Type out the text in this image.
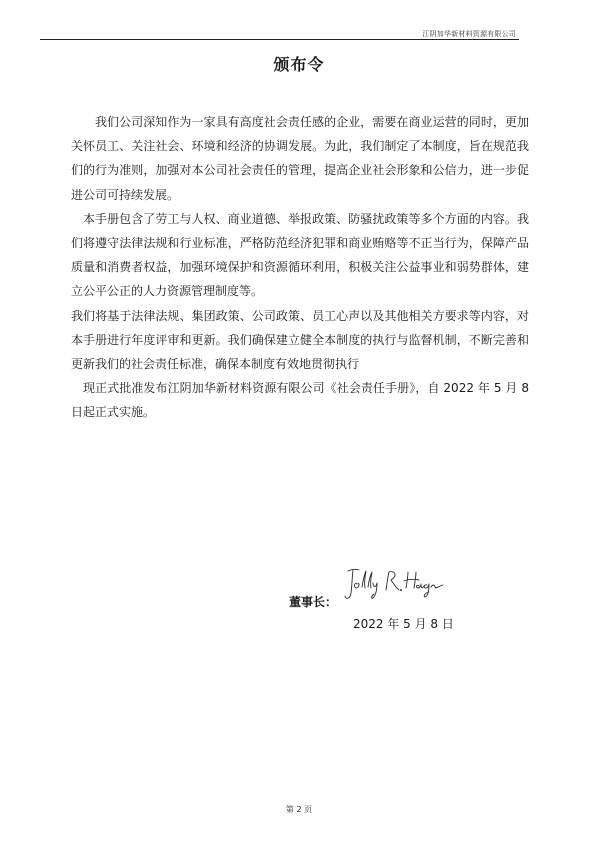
江阴加华新材料资源有限公司
颁布令

我们公司深知作为一家具有高度社会责任感的企业，需要在商业运营的同时，更加关怀员工、关注社会、环境和经济的协调发展。为此，我们制定了本制度，旨在规范我们的行为准则，加强对本公司社会责任的管理，提高企业社会形象和公信力，进一步促进公司可持续发展。

本手册包含了劳工与人权、商业道德、举报政策、防骚扰政策等多个方面的内容。我们将遵守法律法规和行业标准，严格防范经济犯罪和商业贿赂等不正当行为，保障产品质量和消费者权益，加强环境保护和资源循环利用，积极关注公益事业和弱势群体，建立公平公正的人力资源管理制度等。

我们将基于法律法规、集团政策、公司政策、员工心声以及其他相关方要求等内容，对本手册进行年度评审和更新。我们确保建立健全本制度的执行与监督机制，不断完善和更新我们的社会责任标准，确保本制度有效地贯彻执行

现正式批准发布江阴加华新材料资源有限公司《社会责任手册》，自 2022 年 5 月 8 日起正式实施。

董事长：
2022 年 5 月 8 日
第 2 页
